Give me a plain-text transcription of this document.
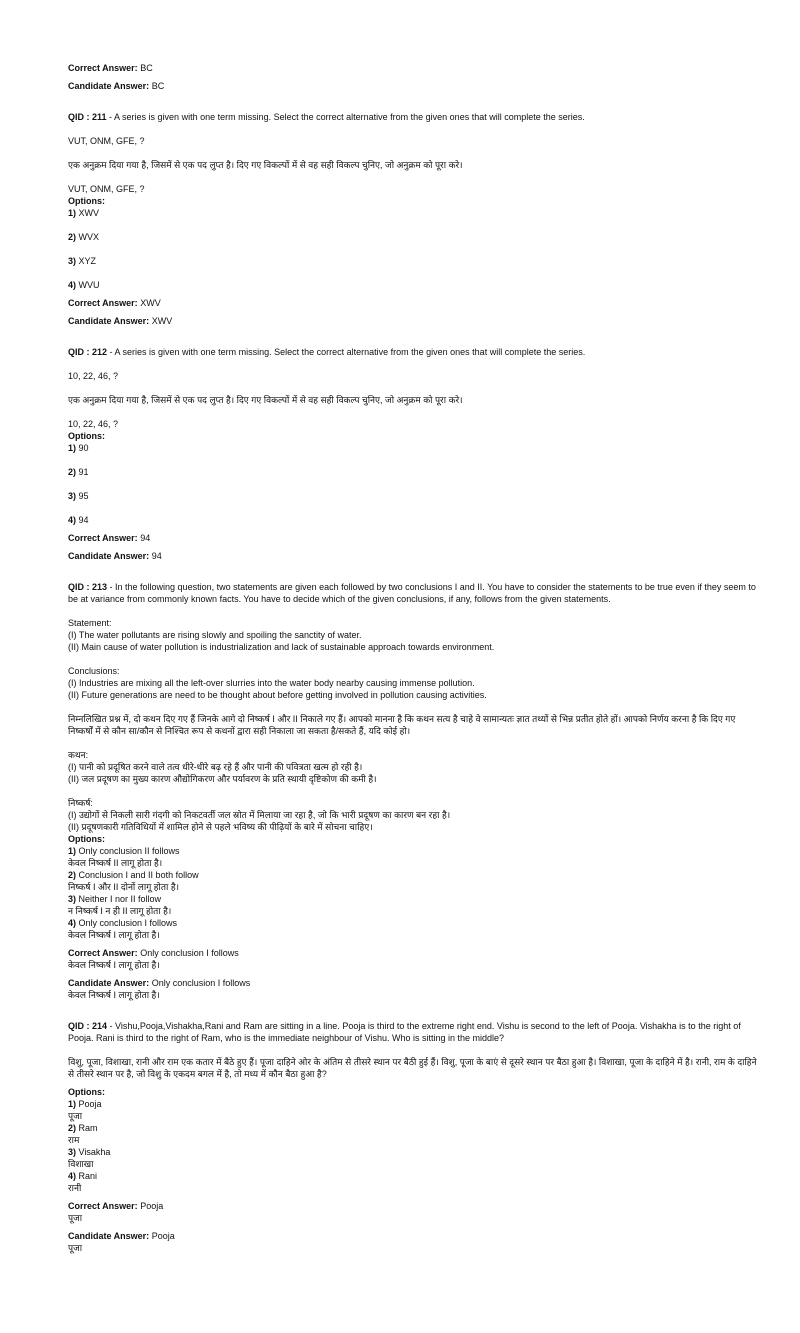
Correct Answer: BC

Candidate Answer: BC

QID : 211 - A series is given with one term missing. Select the correct alternative from the given ones that will complete the series.

VUT, ONM, GFE, ?

एक अनुक्रम दिया गया है, जिसमें से एक पद लुप्त है। दिए गए विकल्पों में से वह सही विकल्प चुनिए, जो अनुक्रम को पूरा करे।

VUT, ONM, GFE, ?

Options:

1) XWV

2) WVX

3) XYZ

4) WVU

Correct Answer: XWV

Candidate Answer: XWV

QID : 212 - A series is given with one term missing. Select the correct alternative from the given ones that will complete the series.

10, 22, 46, ?

एक अनुक्रम दिया गया है, जिसमें से एक पद लुप्त है। दिए गए विकल्पों में से वह सही विकल्प चुनिए, जो अनुक्रम को पूरा करे।

10, 22, 46, ?

Options:

1) 90

2) 91

3) 95

4) 94

Correct Answer: 94

Candidate Answer: 94

QID : 213 - In the following question, two statements are given each followed by two conclusions I and II. You have to consider the statements to be true even if they seem to be at variance from commonly known facts. You have to decide which of the given conclusions, if any, follows from the given statements.

Statement:

(I) The water pollutants are rising slowly and spoiling the sanctity of water.

(II) Main cause of water pollution is industrialization and lack of sustainable approach towards environment.

Conclusions:

(I) Industries are mixing all the left-over slurries into the water body nearby causing immense pollution.

(II) Future generations are need to be thought about before getting involved in pollution causing activities.

निम्नलिखित प्रश्न में, दो कथन दिए गए हैं जिनके आगे दो निष्कर्ष I और II निकाले गए हैं। आपको मानना है कि कथन सत्य है चाहे वे सामान्यतः ज्ञात तथ्यों से भिन्न प्रतीत होते हों। आपको निर्णय करना है कि दिए गए निष्कर्षों में से कौन सा/कौन से निश्चित रूप से कथनों द्वारा सही निकाला जा सकता है/सकते हैं, यदि कोई हो।

कथन:

(I) पानी को प्रदूषित करने वाले तत्व धीरे-धीरे बढ़ रहे हैं और पानी की पवित्रता खत्म हो रही है।

(II) जल प्रदूषण का मुख्य कारण औद्योगिकरण और पर्यावरण के प्रति स्थायी दृष्टिकोण की कमी है।

निष्कर्ष:

(I) उद्योगों से निकली सारी गंदगी को निकटवर्ती जल स्रोत में मिलाया जा रहा है, जो कि भारी प्रदूषण का कारण बन रहा है।

(II) प्रदूषणकारी गतिविधियों में शामिल होने से पहले भविष्य की पीढ़ियों के बारे में सोचना चाहिए।

Options:

1) Only conclusion II follows

केवल निष्कर्ष II लागू होता है।

2) Conclusion I and II both follow

निष्कर्ष I और II दोनों लागू होता है।

3) Neither I nor II follow

न निष्कर्ष I न ही II लागू होता है।

4) Only conclusion I follows

केवल निष्कर्ष I लागू होता है।

Correct Answer: Only conclusion I follows

केवल निष्कर्ष I लागू होता है।

Candidate Answer: Only conclusion I follows

केवल निष्कर्ष I लागू होता है।

QID : 214 - Vishu,Pooja,Vishakha,Rani and Ram are sitting in a line. Pooja is third to the extreme right end. Vishu is second to the left of Pooja. Vishakha is to the right of Pooja. Rani is third to the right of Ram, who is the immediate neighbour of Vishu. Who is sitting in the middle?

विशु, पूजा, विशाखा, रानी और राम एक कतार में बैठे हुए हैं। पूजा दाहिने ओर के अंतिम से तीसरे स्थान पर बैठी हुई हैं। विशु, पूजा के बाएं से दूसरे स्थान पर बैठा हुआ है। विशाखा, पूजा के दाहिने में है। रानी, राम के दाहिने से तीसरे स्थान पर है, जो विशु के एकदम बगल में है, तो मध्य में कौन बैठा हुआ है?

Options:

1) Pooja

पूजा

2) Ram

राम

3) Visakha

विशाखा

4) Rani

रानी

Correct Answer: Pooja

पूजा

Candidate Answer: Pooja

पूजा
